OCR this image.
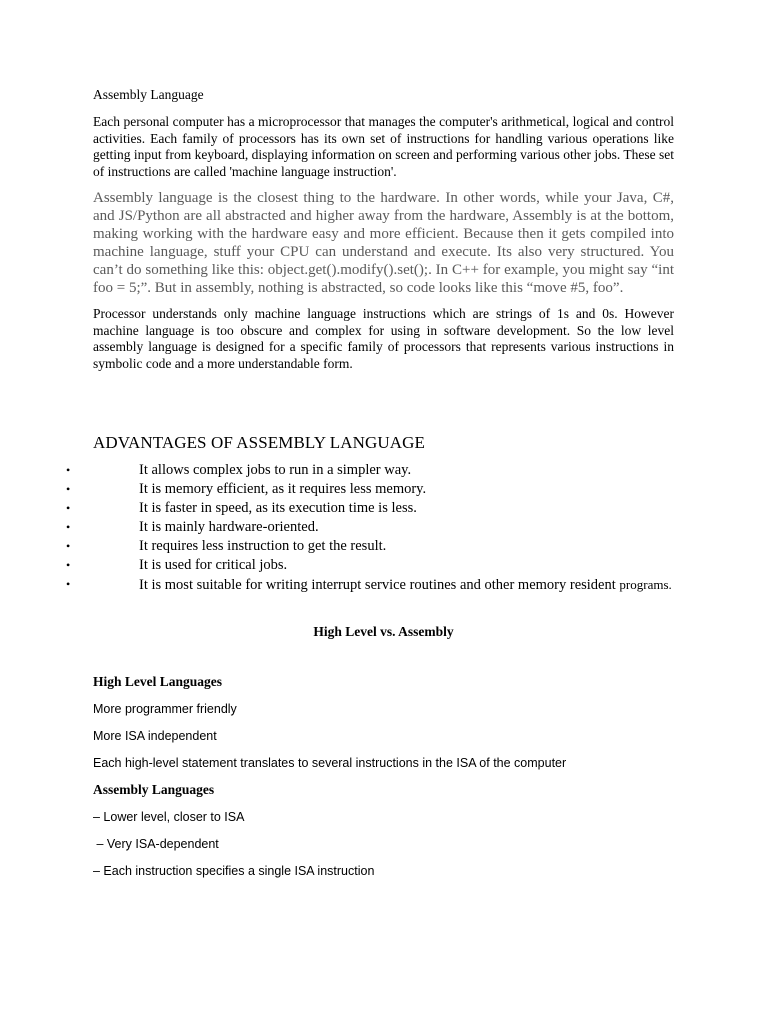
Assembly Language

Each personal computer has a microprocessor that manages the computer's arithmetical, logical and control activities. Each family of processors has its own set of instructions for handling various operations like getting input from keyboard, displaying information on screen and performing various other jobs. These set of instructions are called 'machine language instruction'.

Assembly language is the closest thing to the hardware. In other words, while your Java, C#, and JS/Python are all abstracted and higher away from the hardware, Assembly is at the bottom, making working with the hardware easy and more efficient. Because then it gets compiled into machine language, stuff your CPU can understand and execute. Its also very structured. You can’t do something like this: object.get().modify().set();. In C++ for example, you might say “int foo = 5;”. But in assembly, nothing is abstracted, so code looks like this “move #5, foo”.

Processor understands only machine language instructions which are strings of 1s and 0s. However machine language is too obscure and complex for using in software development. So the low level assembly language is designed for a specific family of processors that represents various instructions in symbolic code and a more understandable form.

ADVANTAGES OF ASSEMBLY LANGUAGE
•	It allows complex jobs to run in a simpler way.
•	It is memory efficient, as it requires less memory.
•	It is faster in speed, as its execution time is less.
•	It is mainly hardware-oriented.
•	It requires less instruction to get the result.
•	It is used for critical jobs.
•	It is most suitable for writing interrupt service routines and other memory resident programs.
High Level vs. Assembly
High Level Languages
More programmer friendly
More ISA independent
Each high-level statement translates to several instructions in the ISA of the computer
Assembly Languages
– Lower level, closer to ISA
– Very ISA-dependent
– Each instruction specifies a single ISA instruction
